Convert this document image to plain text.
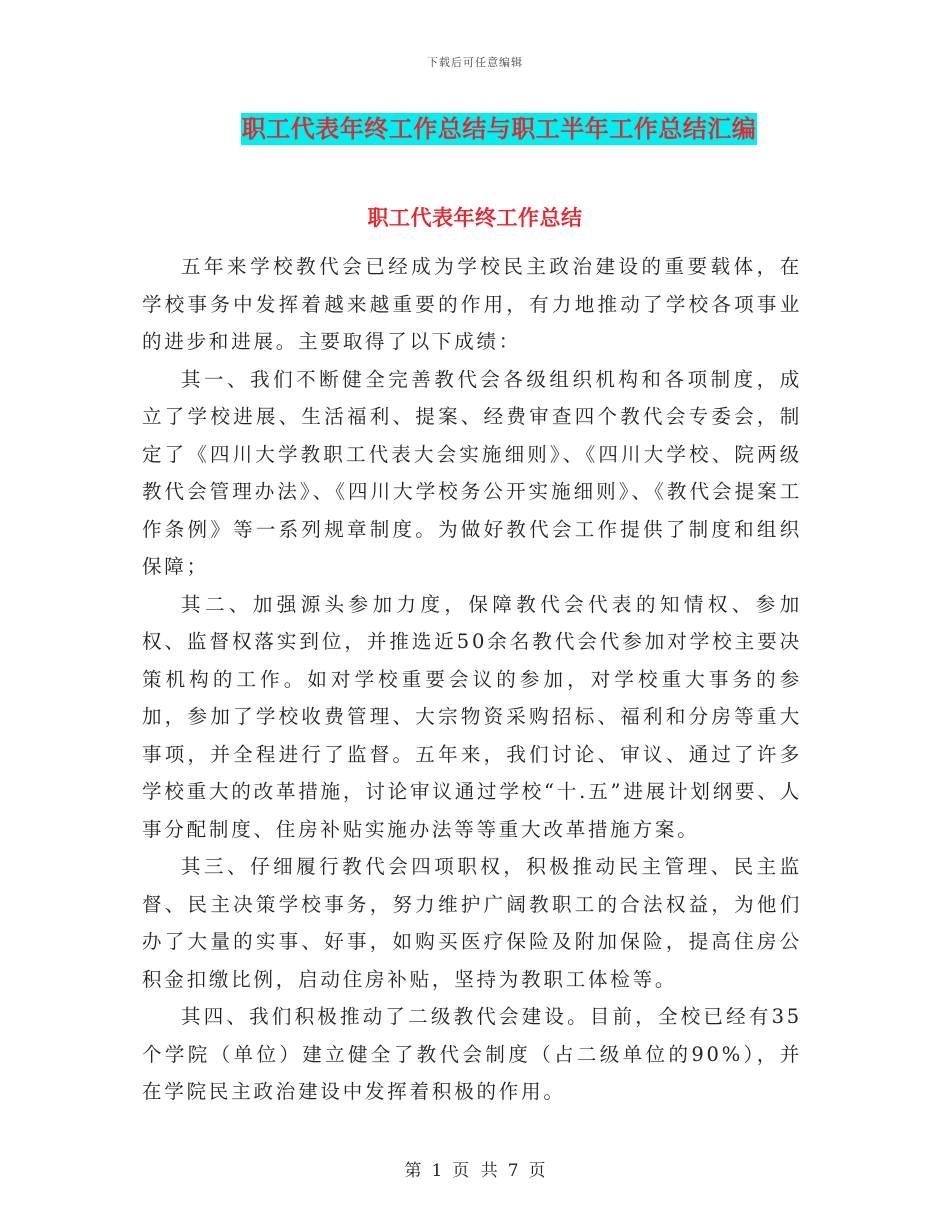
下载后可任意编辑
职工代表年终工作总结与职工半年工作总结汇编
职工代表年终工作总结

五年来学校教代会已经成为学校民主政治建设的重要载体，在学校事务中发挥着越来越重要的作用，有力地推动了学校各项事业的进步和进展。主要取得了以下成绩：

其一、我们不断健全完善教代会各级组织机构和各项制度，成立了学校进展、生活福利、提案、经费审查四个教代会专委会，制定了《四川大学教职工代表大会实施细则》、《四川大学校、院两级教代会管理办法》、《四川大学校务公开实施细则》、《教代会提案工作条例》等一系列规章制度。为做好教代会工作提供了制度和组织保障；

其二、加强源头参加力度，保障教代会代表的知情权、参加权、监督权落实到位，并推选近50余名教代会代参加对学校主要决策机构的工作。如对学校重要会议的参加，对学校重大事务的参加，参加了学校收费管理、大宗物资采购招标、福利和分房等重大事项，并全程进行了监督。五年来，我们讨论、审议、通过了许多学校重大的改革措施，讨论审议通过学校“十.五”进展计划纲要、人事分配制度、住房补贴实施办法等等重大改革措施方案。

其三、仔细履行教代会四项职权，积极推动民主管理、民主监督、民主决策学校事务，努力维护广阔教职工的合法权益，为他们办了大量的实事、好事，如购买医疗保险及附加保险，提高住房公积金扣缴比例，启动住房补贴，坚持为教职工体检等。

其四、我们积极推动了二级教代会建设。目前，全校已经有35个学院（单位）建立健全了教代会制度（占二级单位的90%），并在学院民主政治建设中发挥着积极的作用。

第 1 页 共 7 页
